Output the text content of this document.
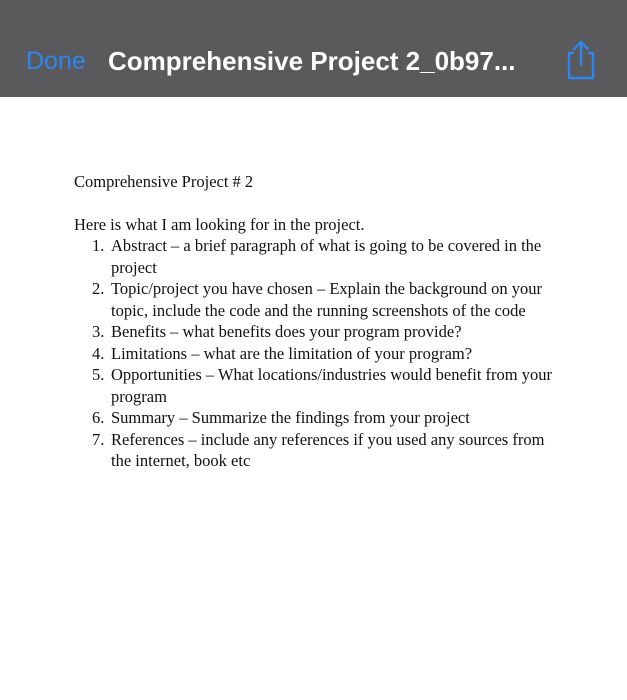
Done Comprehensive Project 2_0b97...

Comprehensive Project # 2

Here is what I am looking for in the project.

1. Abstract – a brief paragraph of what is going to be covered in the project
2. Topic/project you have chosen – Explain the background on your topic, include the code and the running screenshots of the code
3. Benefits – what benefits does your program provide?
4. Limitations – what are the limitation of your program?
5. Opportunities – What locations/industries would benefit from your program
6. Summary – Summarize the findings from your project
7. References – include any references if you used any sources from the internet, book etc
